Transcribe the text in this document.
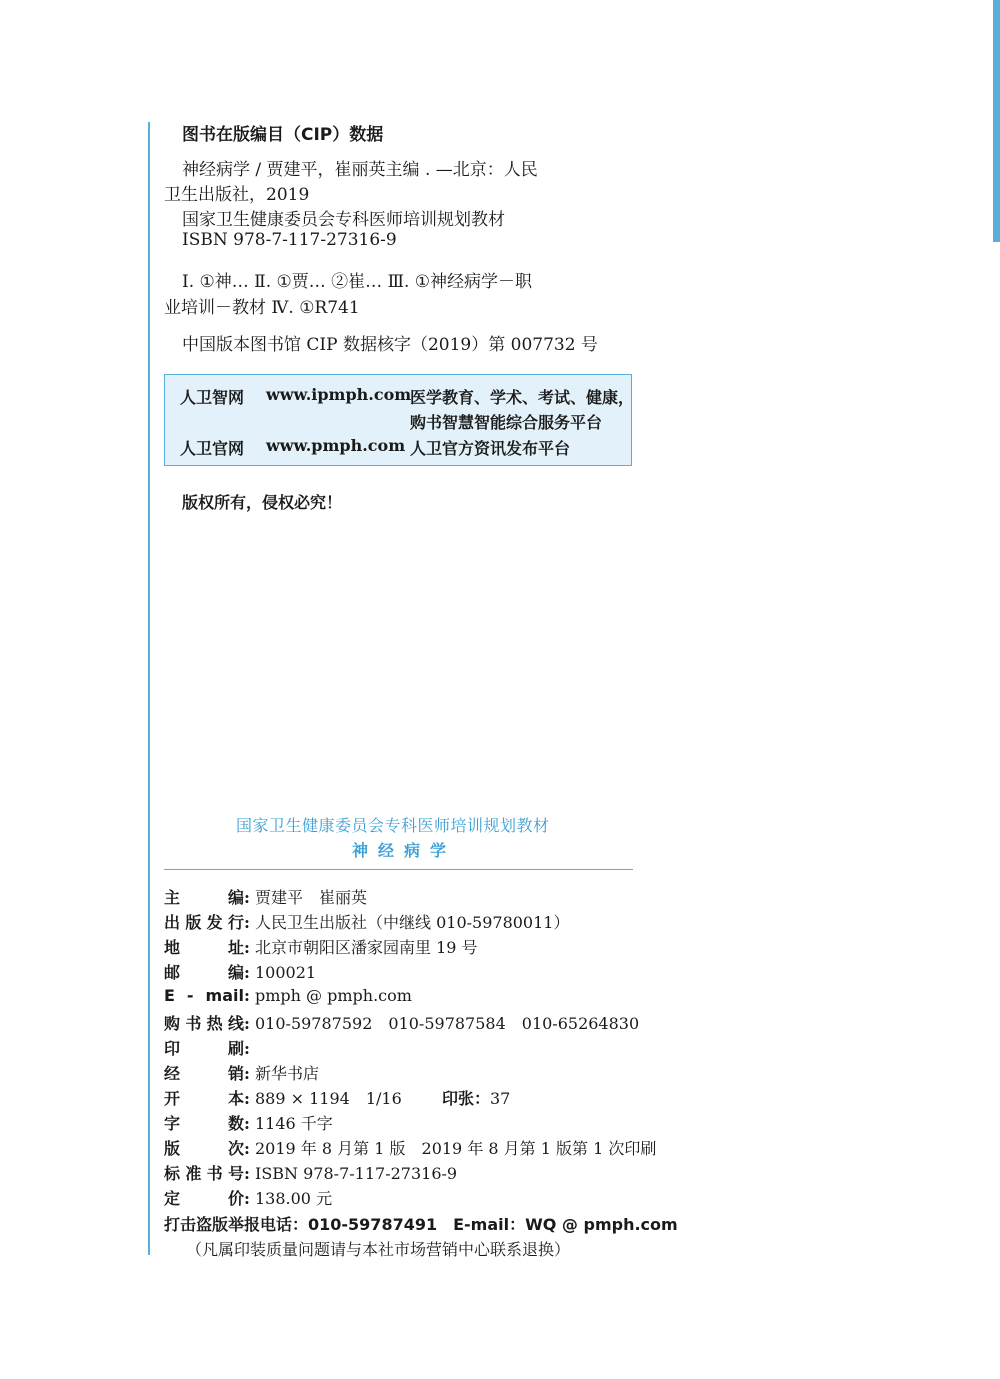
图书在版编目（CIP）数据
神经病学 / 贾建平，崔丽英主编 . —北京：人民
卫生出版社，2019
国家卫生健康委员会专科医师培训规划教材
ISBN 978-7-117-27316-9
Ⅰ. ①神… Ⅱ. ①贾… ②崔… Ⅲ. ①神经病学－职
业培训－教材 Ⅳ. ①R741
中国版本图书馆 CIP 数据核字（2019）第 007732 号
人卫智网 www.ipmph.com
医学教育、学术、考试、健康，
购书智慧智能综合服务平台
人卫官网 www.pmph.com 人卫官方资讯发布平台
版权所有，侵权必究！
国家卫生健康委员会专科医师培训规划教材
神经病学
主 编: 贾建平　崔丽英
出版发行: 人民卫生出版社（中继线 010-59780011）
地 址: 北京市朝阳区潘家园南里 19 号
邮 编: 100021
E - mail: pmph @ pmph.com
购书热线: 010-59787592　010-59787584　010-65264830
印 刷:
经 销: 新华书店
开 本: 889 × 1194　1/16	印张：37
字 数: 1146 千字
版 次: 2019 年 8 月第 1 版　2019 年 8 月第 1 版第 1 次印刷
标准书号: ISBN 978-7-117-27316-9
定 价: 138.00 元
打击盗版举报电话：010-59787491　E-mail：WQ @ pmph.com
（凡属印装质量问题请与本社市场营销中心联系退换）
